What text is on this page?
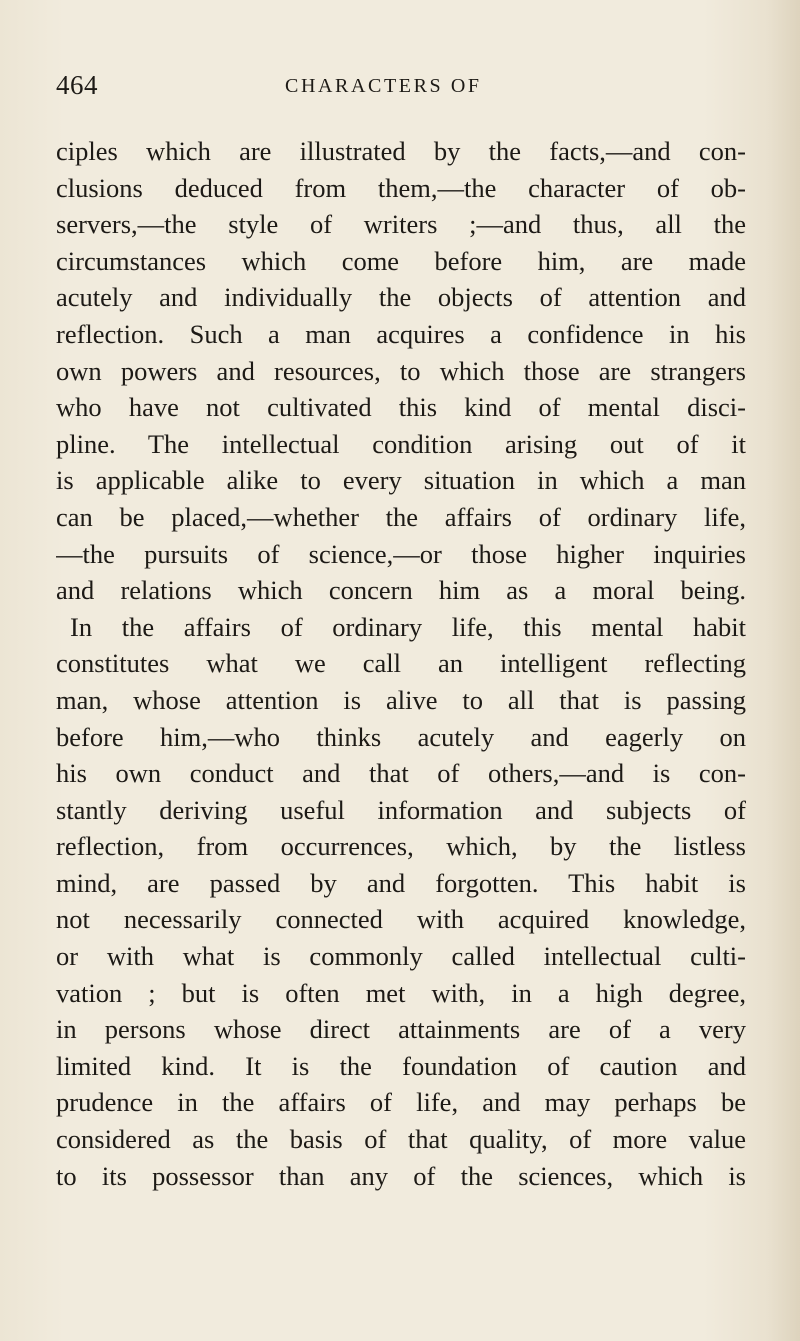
464	CHARACTERS OF
ciples which are illustrated by the facts,—and con-
clusions deduced from them,—the character of ob-
servers,—the style of writers ;—and thus, all the
circumstances which come before him, are made
acutely and individually the objects of attention and
reflection. Such a man acquires a confidence in his
own powers and resources, to which those are strangers
who have not cultivated this kind of mental disci-
pline. The intellectual condition arising out of it
is applicable alike to every situation in which a man
can be placed,—whether the affairs of ordinary life,
—the pursuits of science,—or those higher inquiries
and relations which concern him as a moral being.
In the affairs of ordinary life, this mental habit
constitutes what we call an intelligent reflecting
man, whose attention is alive to all that is passing
before him,—who thinks acutely and eagerly on
his own conduct and that of others,—and is con-
stantly deriving useful information and subjects of
reflection, from occurrences, which, by the listless
mind, are passed by and forgotten. This habit is
not necessarily connected with acquired knowledge,
or with what is commonly called intellectual culti-
vation ; but is often met with, in a high degree,
in persons whose direct attainments are of a very
limited kind. It is the foundation of caution and
prudence in the affairs of life, and may perhaps be
considered as the basis of that quality, of more value
to its possessor than any of the sciences, which is
